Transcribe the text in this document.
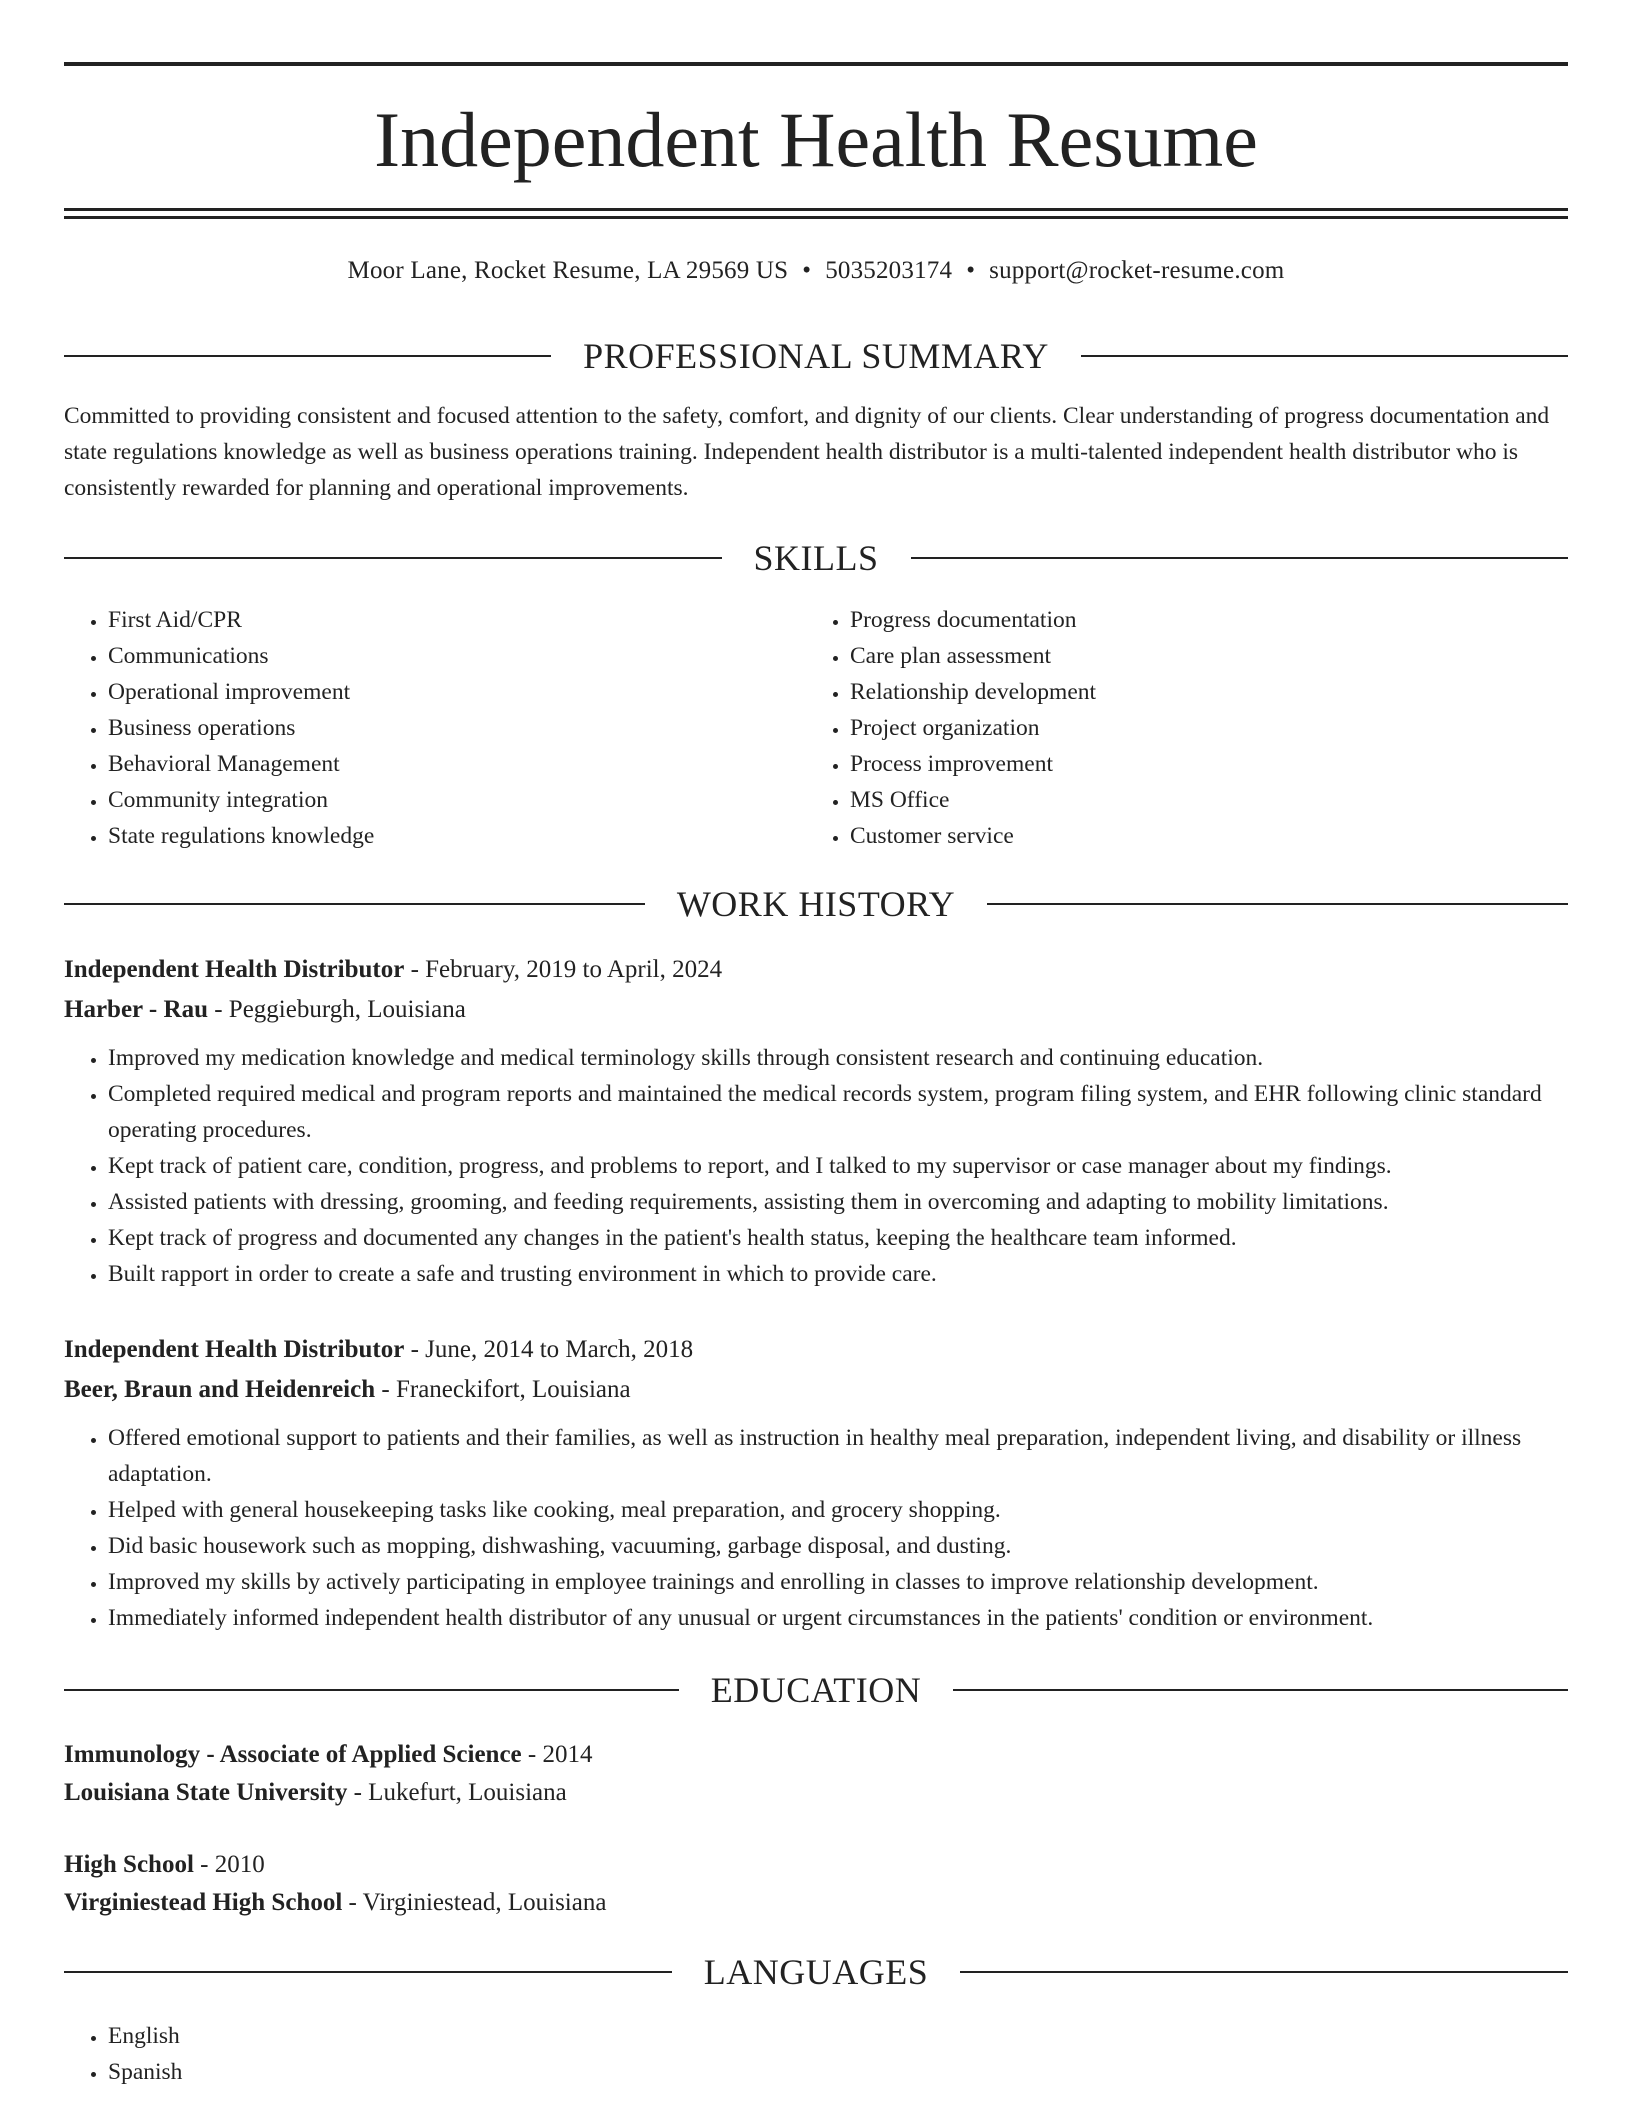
Independent Health Resume
Moor Lane, Rocket Resume, LA 29569 US • 5035203174 • support@rocket-resume.com
PROFESSIONAL SUMMARY

Committed to providing consistent and focused attention to the safety, comfort, and dignity of our clients. Clear understanding of progress documentation and state regulations knowledge as well as business operations training. Independent health distributor is a multi-talented independent health distributor who is consistently rewarded for planning and operational improvements.

SKILLS
• First Aid/CPR
• Communications
• Operational improvement
• Business operations
• Behavioral Management
• Community integration
• State regulations knowledge
• Progress documentation
• Care plan assessment
• Relationship development
• Project organization
• Process improvement
• MS Office
• Customer service
WORK HISTORY
Independent Health Distributor - February, 2019 to April, 2024
Harber - Rau - Peggieburgh, Louisiana
• Improved my medication knowledge and medical terminology skills through consistent research and continuing education.
• Completed required medical and program reports and maintained the medical records system, program filing system, and EHR following clinic standard operating procedures.
• Kept track of patient care, condition, progress, and problems to report, and I talked to my supervisor or case manager about my findings.
• Assisted patients with dressing, grooming, and feeding requirements, assisting them in overcoming and adapting to mobility limitations.
• Kept track of progress and documented any changes in the patient's health status, keeping the healthcare team informed.
• Built rapport in order to create a safe and trusting environment in which to provide care.
Independent Health Distributor - June, 2014 to March, 2018
Beer, Braun and Heidenreich - Franeckifort, Louisiana
• Offered emotional support to patients and their families, as well as instruction in healthy meal preparation, independent living, and disability or illness adaptation.
• Helped with general housekeeping tasks like cooking, meal preparation, and grocery shopping.
• Did basic housework such as mopping, dishwashing, vacuuming, garbage disposal, and dusting.
• Improved my skills by actively participating in employee trainings and enrolling in classes to improve relationship development.
• Immediately informed independent health distributor of any unusual or urgent circumstances in the patients' condition or environment.
EDUCATION
Immunology - Associate of Applied Science - 2014
Louisiana State University - Lukefurt, Louisiana
High School - 2010
Virginiestead High School - Virginiestead, Louisiana
LANGUAGES
• English
• Spanish
